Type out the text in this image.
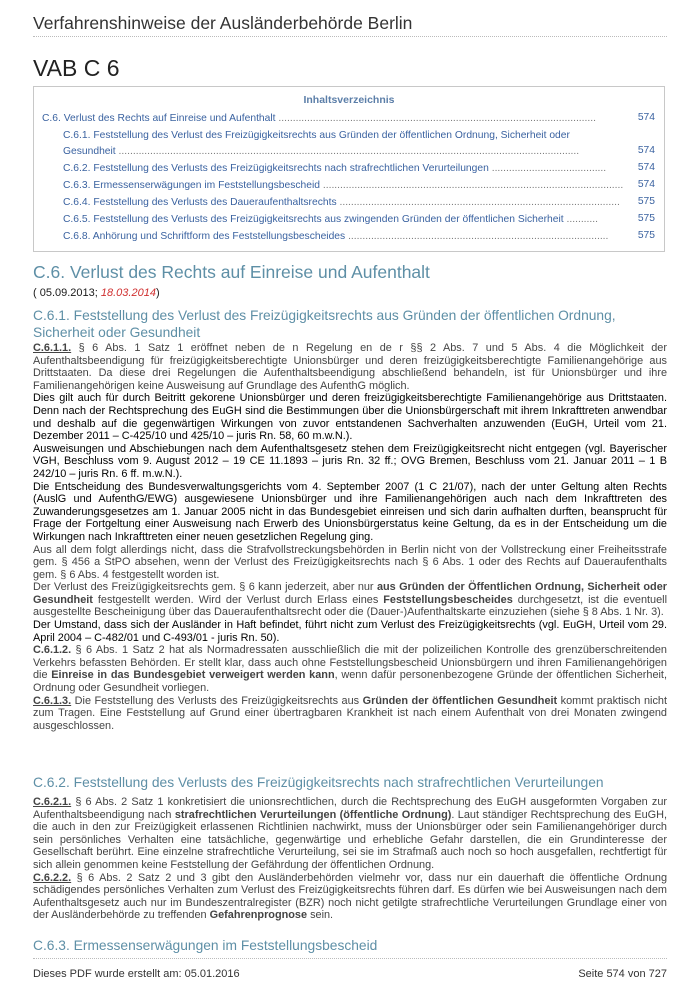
Verfahrenshinweise der Ausländerbehörde Berlin
VAB C 6
Inhaltsverzeichnis
C.6. Verlust des Rechts auf Einreise und Aufenthalt ...............................................................................................................	574
C.6.1. Feststellung des Verlust des Freizügigkeitsrechts aus Gründen der öffentlichen Ordnung, Sicherheit oder
Gesundheit .................................................................................................................................................................	574
C.6.2. Feststellung des Verlusts des Freizügigkeitsrechts nach strafrechtlichen Verurteilungen ........................................	574
C.6.3. Ermessenserwägungen im Feststellungsbescheid ......................................................................................................... 574
C.6.4. Feststellung des Verlusts des Daueraufenthaltsrechts .................................................................................................. 575
C.6.5. Feststellung des Verlusts des Freizügigkeitsrechts aus zwingenden Gründen der öffentlichen Sicherheit ...........	575
C.6.8. Anhörung und Schriftform des Feststellungsbescheides ...........................................................................................	575
C.6. Verlust des Rechts auf Einreise und Aufenthalt
( 05.09.2013; 18.03.2014)
C.6.1. Feststellung des Verlust des Freizügigkeitsrechts aus Gründen der öffentlichen Ordnung, Sicherheit oder Gesundheit

C.6.1.1. § 6 Abs. 1 Satz 1 eröffnet neben de n Regelung en de r §§ 2 Abs. 7 und 5 Abs. 4 die Möglichkeit der Aufenthaltsbeendigung für freizügigkeitsberechtigte Unionsbürger und deren freizügigkeitsberechtigte Familienangehörige aus Drittstaaten. Da diese drei Regelungen die Aufenthaltsbeendigung abschließend behandeln, ist für Unionsbürger und ihre Familienangehörigen keine Ausweisung auf Grundlage des AufenthG möglich.

Dies gilt auch für durch Beitritt gekorene Unionsbürger und deren freizügigkeitsberechtigte Familienangehörige aus Drittstaaten. Denn nach der Rechtsprechung des EuGH sind die Bestimmungen über die Unionsbürgerschaft mit ihrem Inkrafttreten anwendbar und deshalb auf die gegenwärtigen Wirkungen von zuvor entstandenen Sachverhalten anzuwenden (EuGH, Urteil vom 21. Dezember 2011 – C-425/10 und 425/10 – juris Rn. 58, 60 m.w.N.).

Ausweisungen und Abschiebungen nach dem Aufenthaltsgesetz stehen dem Freizügigkeitsrecht nicht entgegen (vgl. Bayerischer VGH, Beschluss vom 9. August 2012 – 19 CE 11.1893 – juris Rn. 32 ff.; OVG Bremen, Beschluss vom 21. Januar 2011 – 1 B 242/10 – juris Rn. 6 ff. m.w.N.).

Die Entscheidung des Bundesverwaltungsgerichts vom 4. September 2007 (1 C 21/07), nach der unter Geltung alten Rechts (AuslG und AufenthG/EWG) ausgewiesene Unionsbürger und ihre Familienangehörigen auch nach dem Inkrafttreten des Zuwanderungsgesetzes am 1. Januar 2005 nicht in das Bundesgebiet einreisen und sich darin aufhalten durften, beansprucht für Frage der Fortgeltung einer Ausweisung nach Erwerb des Unionsbürgerstatus keine Geltung, da es in der Entscheidung um die Wirkungen nach Inkrafttreten einer neuen gesetzlichen Regelung ging.

Aus all dem folgt allerdings nicht, dass die Strafvollstreckungsbehörden in Berlin nicht von der Vollstreckung einer Freiheitsstrafe gem. § 456 a StPO absehen, wenn der Verlust des Freizügigkeitsrechts nach § 6 Abs. 1 oder des Rechts auf Daueraufenthalts gem. § 6 Abs. 4 festgestellt worden ist.

Der Verlust des Freizügigkeitsrechts gem. § 6 kann jederzeit, aber nur aus Gründen der Öffentlichen Ordnung, Sicherheit oder Gesundheit festgestellt werden. Wird der Verlust durch Erlass eines Feststellungsbescheides durchgesetzt, ist die eventuell ausgestellte Bescheinigung über das Daueraufenthaltsrecht oder die (Dauer-)Aufenthaltskarte einzuziehen (siehe § 8 Abs. 1 Nr. 3).

Der Umstand, dass sich der Ausländer in Haft befindet, führt nicht zum Verlust des Freizügigkeitsrechts (vgl. EuGH, Urteil vom 29. April 2004 – C-482/01 und C-493/01 - juris Rn. 50).

C.6.1.2. § 6 Abs. 1 Satz 2 hat als Normadressaten ausschließlich die mit der polizeilichen Kontrolle des grenzüberschreitenden Verkehrs befassten Behörden. Er stellt klar, dass auch ohne Feststellungsbescheid Unionsbürgern und ihren Familienangehörigen die Einreise in das Bundesgebiet verweigert werden kann, wenn dafür personenbezogene Gründe der öffentlichen Sicherheit, Ordnung oder Gesundheit vorliegen.

C.6.1.3. Die Feststellung des Verlusts des Freizügigkeitsrechts aus Gründen der öffentlichen Gesundheit kommt praktisch nicht zum Tragen. Eine Feststellung auf Grund einer übertragbaren Krankheit ist nach einem Aufenthalt von drei Monaten zwingend ausgeschlossen.

C.6.2. Feststellung des Verlusts des Freizügigkeitsrechts nach strafrechtlichen Verurteilungen

C.6.2.1. § 6 Abs. 2 Satz 1 konkretisiert die unionsrechtlichen, durch die Rechtsprechung des EuGH ausgeformten Vorgaben zur Aufenthaltsbeendigung nach strafrechtlichen Verurteilungen (öffentliche Ordnung). Laut ständiger Rechtsprechung des EuGH, die auch in den zur Freizügigkeit erlassenen Richtlinien nachwirkt, muss der Unionsbürger oder sein Familienangehöriger durch sein persönliches Verhalten eine tatsächliche, gegenwärtige und erhebliche Gefahr darstellen, die ein Grundinteresse der Gesellschaft berührt. Eine einzelne strafrechtliche Verurteilung, sei sie im Strafmaß auch noch so hoch ausgefallen, rechtfertigt für sich allein genommen keine Feststellung der Gefährdung der öffentlichen Ordnung.

C.6.2.2. § 6 Abs. 2 Satz 2 und 3 gibt den Ausländerbehörden vielmehr vor, dass nur ein dauerhaft die öffentliche Ordnung schädigendes persönliches Verhalten zum Verlust des Freizügigkeitsrechts führen darf. Es dürfen wie bei Ausweisungen nach dem Aufenthaltsgesetz auch nur im Bundeszentralregister (BZR) noch nicht getilgte strafrechtliche Verurteilungen Grundlage einer von der Ausländerbehörde zu treffenden Gefahrenprognose sein.

C.6.3. Ermessenserwägungen im Feststellungsbescheid
Dieses PDF wurde erstellt am: 05.01.2016	Seite 574 von 727
